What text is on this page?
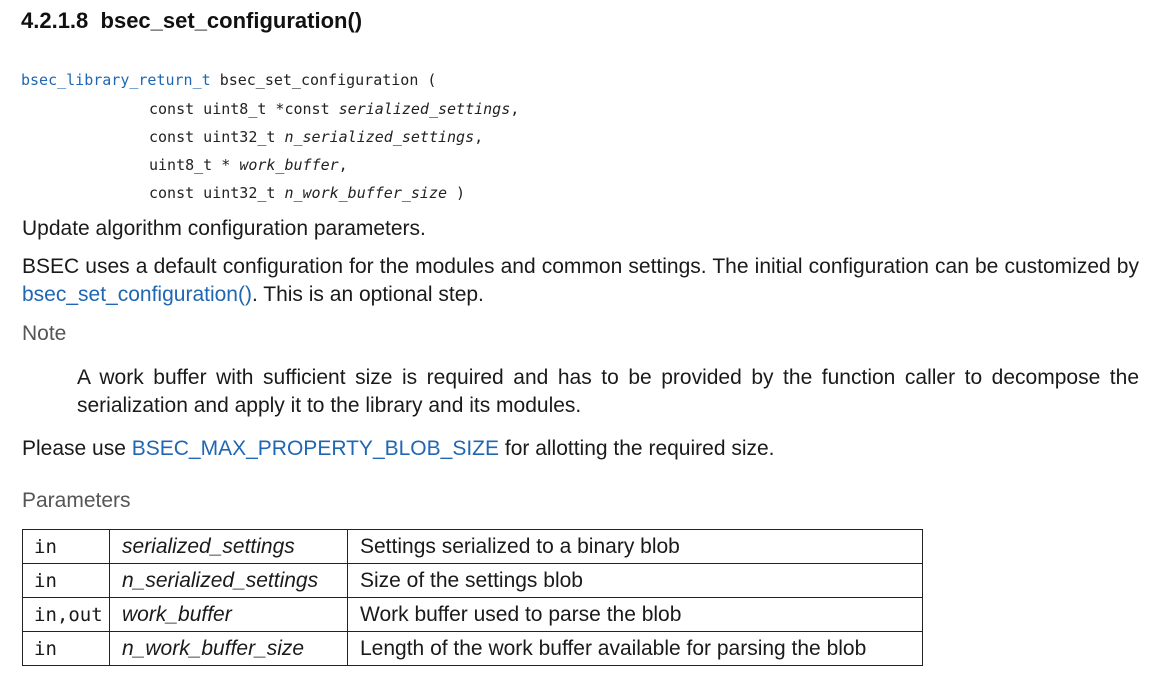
4.2.1.8 bsec_set_configuration()
bsec_library_return_t bsec_set_configuration (
const uint8_t *const serialized_settings,
const uint32_t n_serialized_settings,
uint8_t * work_buffer,
const uint32_t n_work_buffer_size )
Update algorithm configuration parameters.
BSEC uses a default configuration for the modules and common settings. The initial configuration can be customized by bsec_set_configuration(). This is an optional step.
Note
A work buffer with sufficient size is required and has to be provided by the function caller to decompose the serialization and apply it to the library and its modules.
Please use BSEC_MAX_PROPERTY_BLOB_SIZE for allotting the required size.
Parameters
in	serialized_settings	Settings serialized to a binary blob
in	n_serialized_settings	Size of the settings blob
in,out	work_buffer	Work buffer used to parse the blob
in	n_work_buffer_size	Length of the work buffer available for parsing the blob
